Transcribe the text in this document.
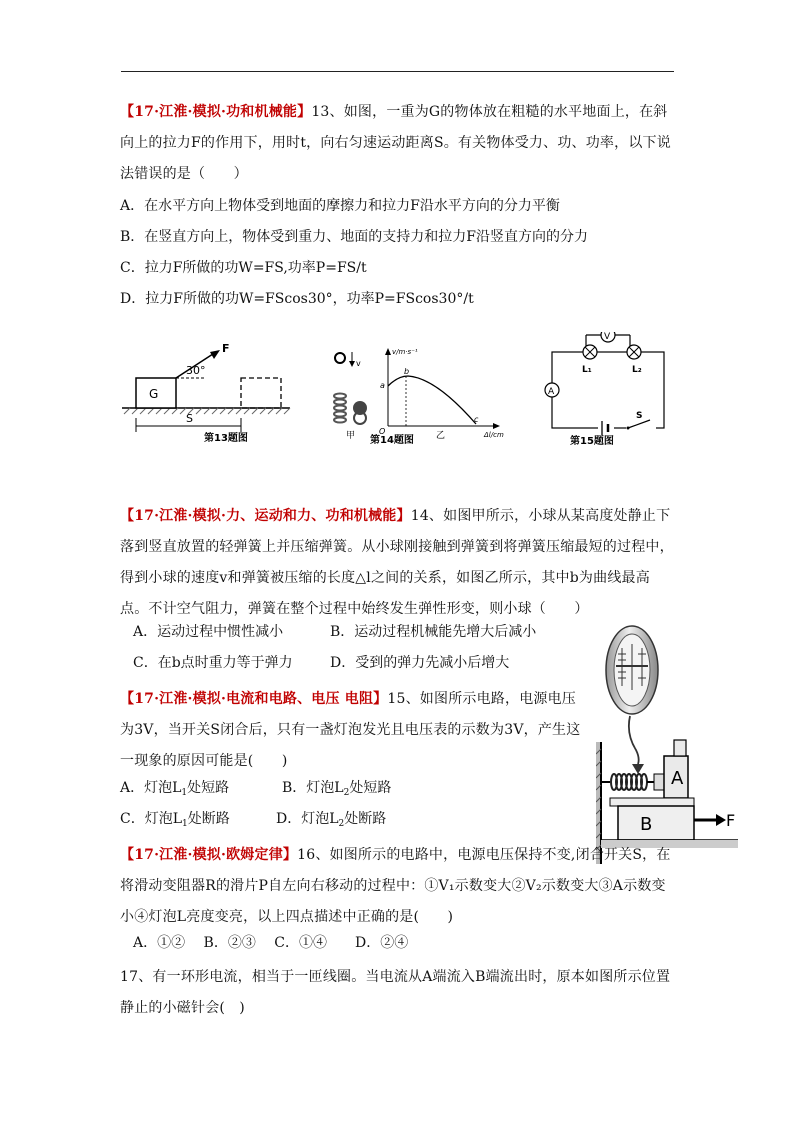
【17·江淮·模拟·功和机械能】13、如图，一重为G的物体放在粗糙的水平地面上，在斜向上的拉力F的作用下，用时t，向右匀速运动距离S。有关物体受力、功、功率，以下说法错误的是（　　）
A．在水平方向上物体受到地面的摩擦力和拉力F沿水平方向的分力平衡
B．在竖直方向上，物体受到重力、地面的支持力和拉力F沿竖直方向的分力
C．拉力F所做的功W=FS,功率P=FS/t
D．拉力F所做的功W=FScos30°，功率P=FScos30°/t
G
F
30°
S
第13题图
v
甲
v/m·s⁻¹
Δl/cm
O
a
b
c
乙
第14题图
V
L₁	L₂
A
S
第15题图
【17·江淮·模拟·力、运动和力、功和机械能】14、如图甲所示，小球从某高度处静止下落到竖直放置的轻弹簧上并压缩弹簧。从小球刚接触到弹簧到将弹簧压缩最短的过程中，得到小球的速度v和弹簧被压缩的长度△l之间的关系，如图乙所示，其中b为曲线最高点。不计空气阻力，弹簧在整个过程中始终发生弹性形变，则小球（　　）
A．运动过程中惯性减小	B．运动过程机械能先增大后减小
C．在b点时重力等于弹力	D．受到的弹力先减小后增大
A
B	F
【17·江淮·模拟·电流和电路、电压 电阻】15、如图所示电路，电源电压为3V，当开关S闭合后，只有一盏灯泡发光且电压表的示数为3V，产生这一现象的原因可能是(　　)
A．灯泡$L_1$处短路	B．灯泡$L_2$处短路
C．灯泡$L_1$处断路	D．灯泡$L_2$处断路
【17·江淮·模拟·欧姆定律】16、如图所示的电路中，电源电压保持不变,闭合开关S，在将滑动变阻器R的滑片P自左向右移动的过程中：①V₁示数变大②V₂示数变大③A示数变小④灯泡L亮度变亮，以上四点描述中正确的是(　　)
A．①②　 B．②③　 C．①④　　D．②④
17、有一环形电流，相当于一匝线圈。当电流从A端流入B端流出时，原本如图所示位置静止的小磁针会(　)
